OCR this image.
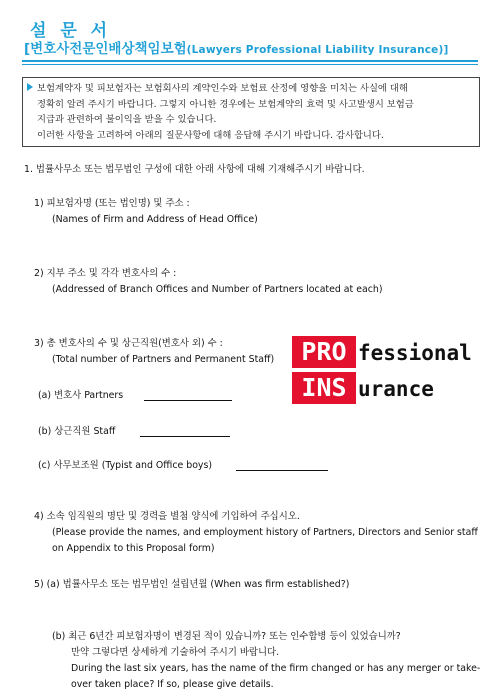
설 문 서
[변호사전문인배상책임보험(Lawyers Professional Liability Insurance)]
보험계약자 및 피보험자는 보험회사의 계약인수와 보험료 산정에 영향을 미치는 사실에 대해
정확히 알려 주시기 바랍니다. 그렇지 아니한 경우에는 보험계약의 효력 및 사고발생시 보험금
지급과 관련하여 불이익을 받을 수 있습니다.
이러한 사항을 고려하여 아래의 질문사항에 대해 응답해 주시기 바랍니다. 감사합니다.
1. 법률사무소 또는 법무법인 구성에 대한 아래 사항에 대해 기재해주시기 바랍니다.
1) 피보험자명 (또는 법인명) 및 주소 :
(Names of Firm and Address of Head Office)
2) 지부 주소 및 각각 변호사의 수 :
(Addressed of Branch Offices and Number of Partners located at each)
3) 총 변호사의 수 및 상근직원(변호사 외) 수 :
(Total number of Partners and Permanent Staff)
(a) 변호사 Partners
(b) 상근직원 Staff
(c) 사무보조원 (Typist and Office boys)
4) 소속 임직원의 명단 및 경력을 별첨 양식에 기입하여 주십시오.
(Please provide the names, and employment history of Partners, Directors and Senior staff
on Appendix to this Proposal form)
5) (a) 법률사무소 또는 법무법인 설립년월 (When was firm established?)
(b) 최근 6년간 피보험자명이 변경된 적이 있습니까? 또는 인수합병 등이 있었습니까?
만약 그렇다면 상세하게 기술하여 주시기 바랍니다.
During the last six years, has the name of the firm changed or has any merger or take-
over taken place? If so, please give details.
PRO fessional
INS urance
